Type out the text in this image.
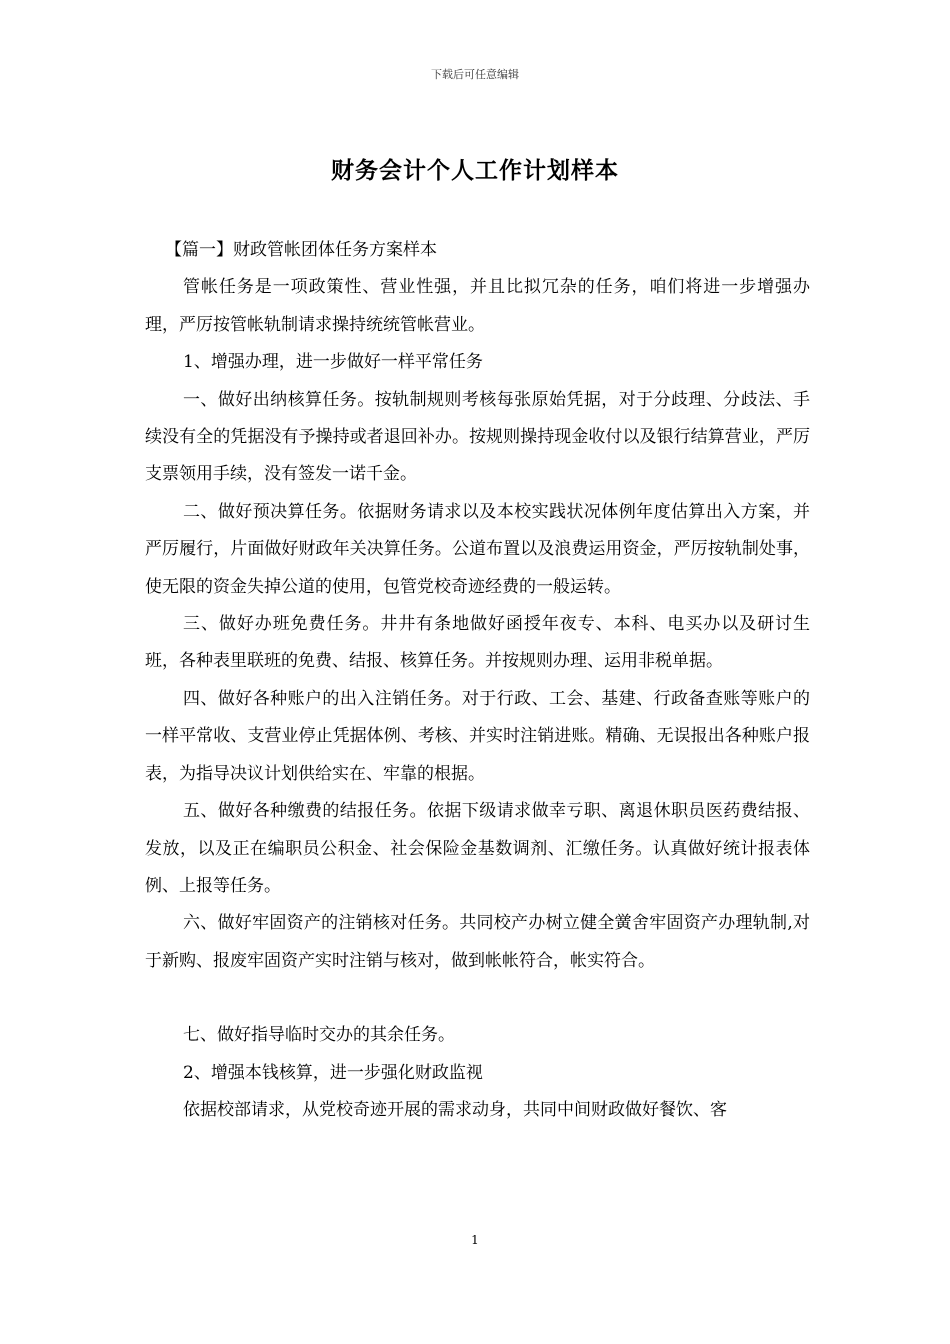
下载后可任意编辑
财务会计个人工作计划样本

【篇一】财政管帐团体任务方案样本

管帐任务是一项政策性、营业性强，并且比拟冗杂的任务，咱们将进一步增强办理，严厉按管帐轨制请求操持统统管帐营业。

1、增强办理，进一步做好一样平常任务

一、做好出纳核算任务。按轨制规则考核每张原始凭据，对于分歧理、分歧法、手续没有全的凭据没有予操持或者退回补办。按规则操持现金收付以及银行结算营业，严厉支票领用手续，没有签发一诺千金。

二、做好预决算任务。依据财务请求以及本校实践状况体例年度估算出入方案，并严厉履行，片面做好财政年关决算任务。公道布置以及浪费运用资金，严厉按轨制处事，使无限的资金失掉公道的使用，包管党校奇迹经费的一般运转。

三、做好办班免费任务。井井有条地做好函授年夜专、本科、电买办以及研讨生班，各种表里联班的免费、结报、核算任务。并按规则办理、运用非税单据。

四、做好各种账户的出入注销任务。对于行政、工会、基建、行政备查账等账户的一样平常收、支营业停止凭据体例、考核、并实时注销进账。精确、无误报出各种账户报表，为指导决议计划供给实在、牢靠的根据。

五、做好各种缴费的结报任务。依据下级请求做幸亏职、离退休职员医药费结报、发放，以及正在编职员公积金、社会保险金基数调剂、汇缴任务。认真做好统计报表体例、上报等任务。

六、做好牢固资产的注销核对任务。共同校产办树立健全黉舍牢固资产办理轨制,对于新购、报废牢固资产实时注销与核对，做到帐帐符合，帐实符合。

七、做好指导临时交办的其余任务。

2、增强本钱核算，进一步强化财政监视

依据校部请求，从党校奇迹开展的需求动身，共同中间财政做好餐饮、客

1
